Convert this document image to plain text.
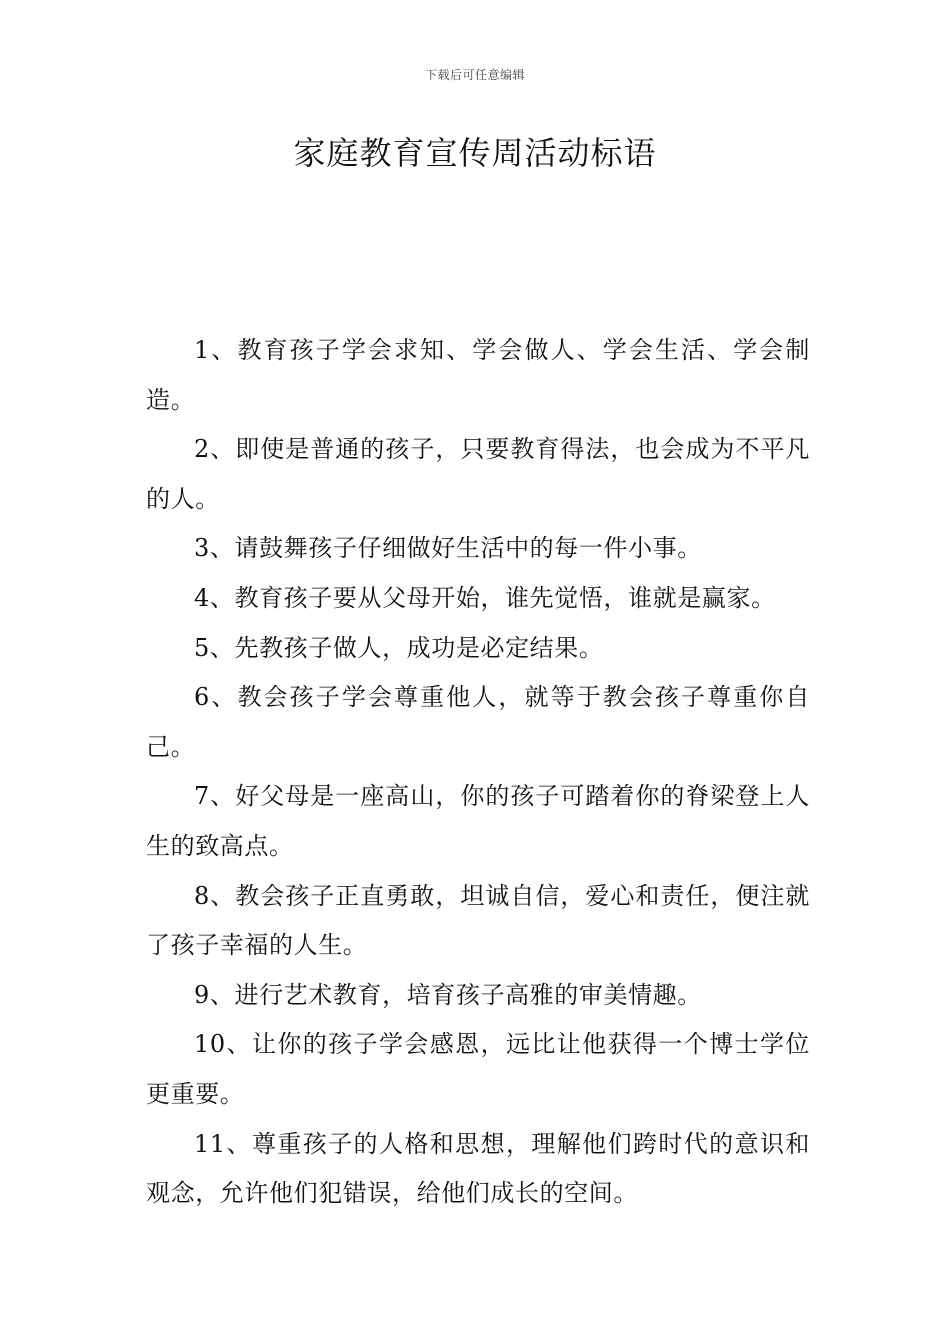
下载后可任意编辑
家庭教育宣传周活动标语

1、教育孩子学会求知、学会做人、学会生活、学会制造。

2、即使是普通的孩子，只要教育得法，也会成为不平凡的人。

3、请鼓舞孩子仔细做好生活中的每一件小事。

4、教育孩子要从父母开始，谁先觉悟，谁就是赢家。

5、先教孩子做人，成功是必定结果。

6、教会孩子学会尊重他人，就等于教会孩子尊重你自己。

7、好父母是一座高山，你的孩子可踏着你的脊梁登上人生的致高点。

8、教会孩子正直勇敢，坦诚自信，爱心和责任，便注就了孩子幸福的人生。

9、进行艺术教育，培育孩子高雅的审美情趣。

10、让你的孩子学会感恩，远比让他获得一个博士学位更重要。

11、尊重孩子的人格和思想，理解他们跨时代的意识和观念，允许他们犯错误，给他们成长的空间。
